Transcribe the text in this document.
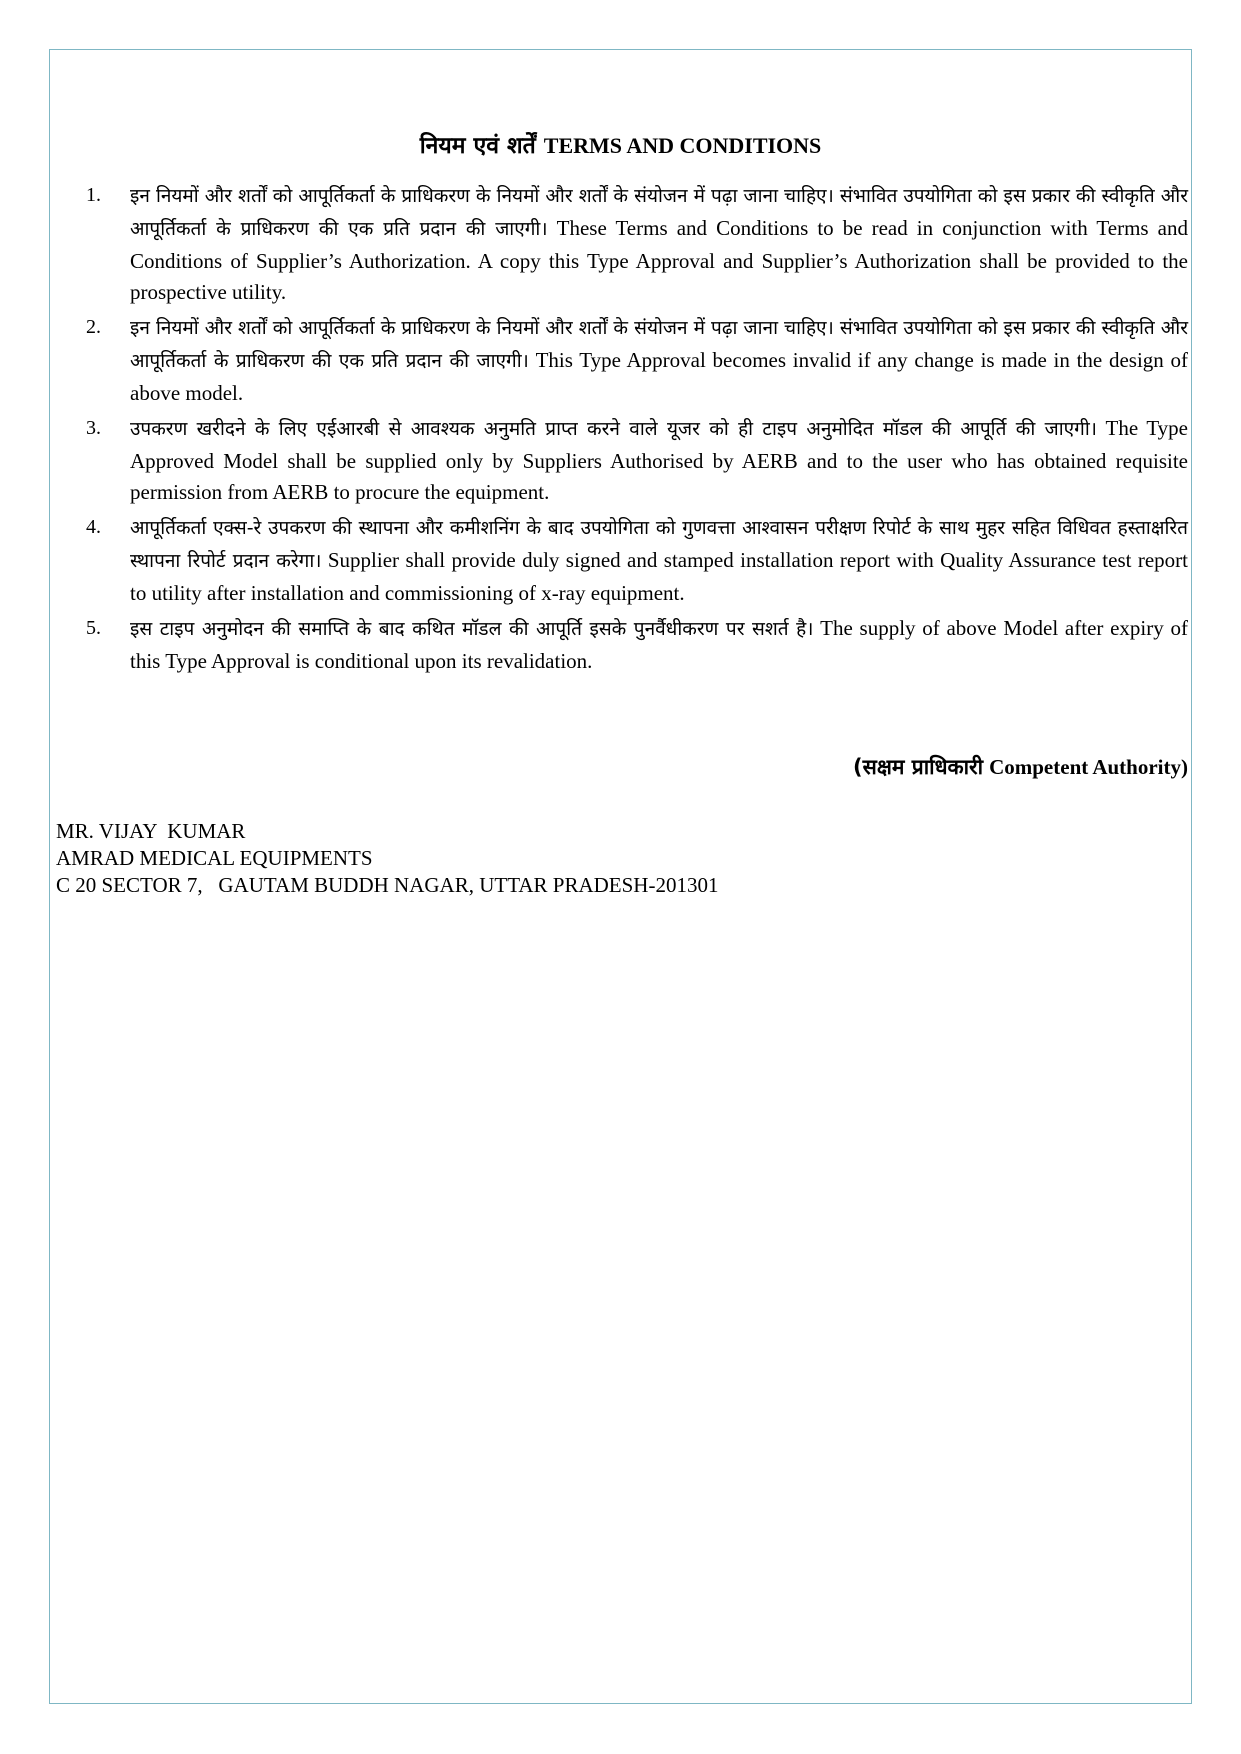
नियम एवं शर्तें TERMS AND CONDITIONS
1.	इन नियमों और शर्तों को आपूर्तिकर्ता के प्राधिकरण के नियमों और शर्तों के संयोजन में पढ़ा जाना चाहिए। संभावित उपयोगिता को इस प्रकार की स्वीकृति और आपूर्तिकर्ता के प्राधिकरण की एक प्रति प्रदान की जाएगी। These Terms and Conditions to be read in conjunction with Terms and Conditions of Supplier’s Authorization. A copy this Type Approval and Supplier’s Authorization shall be provided to the prospective utility.

2.	इन नियमों और शर्तों को आपूर्तिकर्ता के प्राधिकरण के नियमों और शर्तों के संयोजन में पढ़ा जाना चाहिए। संभावित उपयोगिता को इस प्रकार की स्वीकृति और आपूर्तिकर्ता के प्राधिकरण की एक प्रति प्रदान की जाएगी। This Type Approval becomes invalid if any change is made in the design of above model.

3.	उपकरण खरीदने के लिए एईआरबी से आवश्यक अनुमति प्राप्त करने वाले यूजर को ही टाइप अनुमोदित मॉडल की आपूर्ति की जाएगी। The Type Approved Model shall be supplied only by Suppliers Authorised by AERB and to the user who has obtained requisite permission from AERB to procure the equipment.

4.	आपूर्तिकर्ता एक्स-रे उपकरण की स्थापना और कमीशनिंग के बाद उपयोगिता को गुणवत्ता आश्वासन परीक्षण रिपोर्ट के साथ मुहर सहित विधिवत हस्ताक्षरित स्थापना रिपोर्ट प्रदान करेगा। Supplier shall provide duly signed and stamped installation report with Quality Assurance test report to utility after installation and commissioning of x-ray equipment.

5.	इस टाइप अनुमोदन की समाप्ति के बाद कथित मॉडल की आपूर्ति इसके पुनर्वैधीकरण पर सशर्त है। The supply of above Model after expiry of this Type Approval is conditional upon its revalidation.

(सक्षम प्राधिकारी Competent Authority)
MR. VIJAY  KUMAR
AMRAD MEDICAL EQUIPMENTS
C 20 SECTOR 7,   GAUTAM BUDDH NAGAR, UTTAR PRADESH-201301
